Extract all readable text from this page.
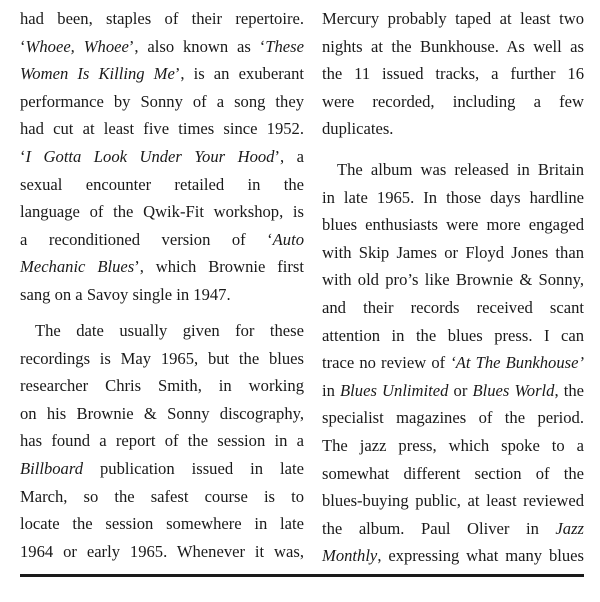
had been, staples of their repertoire.
‘Whoee, Whoee’, also known as ‘These
Women Is Killing Me’, is an exuberant
performance by Sonny of a song they
had cut at least five times since 1952.
‘I Gotta Look Under Your Hood’, a
sexual encounter retailed in the
language of the Qwik-Fit workshop, is
a reconditioned version of ‘Auto
Mechanic Blues’, which Brownie first
sang on a Savoy single in 1947.
The date usually given for these
recordings is May 1965, but the blues
researcher Chris Smith, in working
on his Brownie & Sonny discography,
has found a report of the session in a
Billboard publication issued in late
March, so the safest course is to
locate the session somewhere in late
1964 or early 1965. Whenever it was,
Mercury probably taped at least two
nights at the Bunkhouse. As well as
the 11 issued tracks, a further 16
were recorded, including a few
duplicates.
The album was released in Britain
in late 1965. In those days hardline
blues enthusiasts were more engaged
with Skip James or Floyd Jones than
with old pro’s like Brownie & Sonny,
and their records received scant
attention in the blues press. I can
trace no review of ‘At The Bunkhouse’
in Blues Unlimited or Blues World, the
specialist magazines of the period.
The jazz press, which spoke to a
somewhat different section of the
blues-buying public, at least reviewed
the album. Paul Oliver in Jazz
Monthly, expressing what many blues
